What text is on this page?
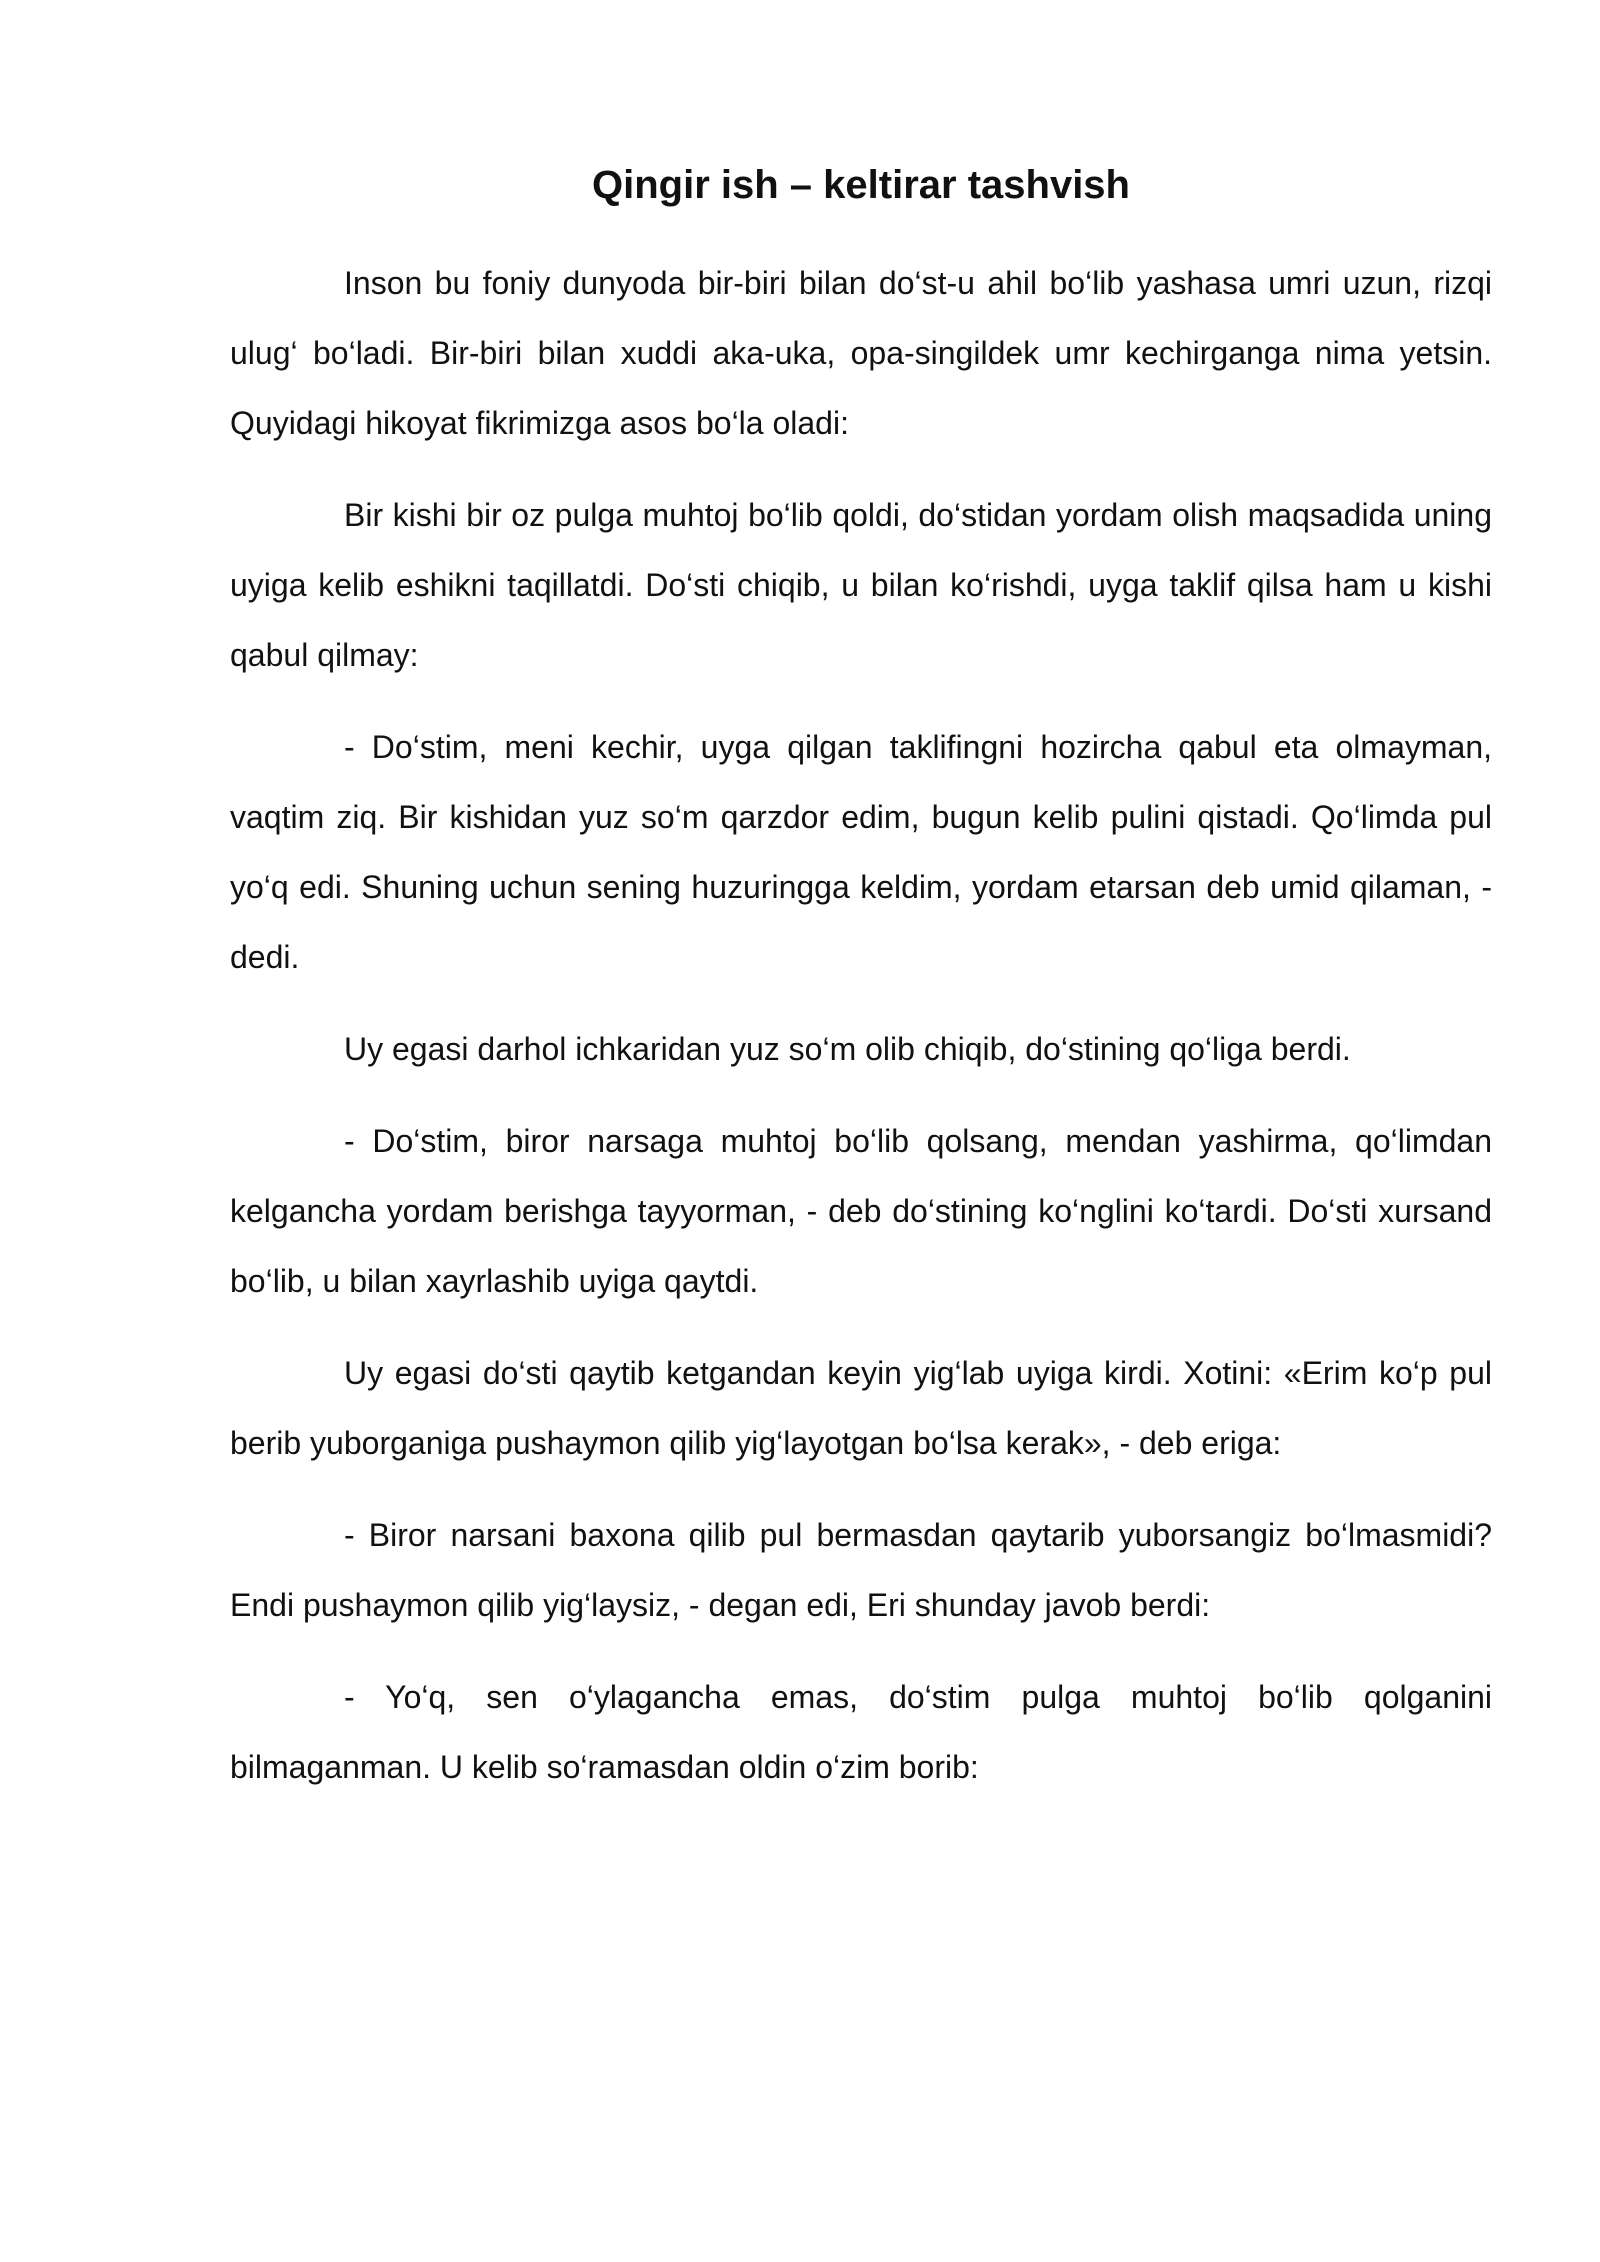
Qingir ish – keltirar tashvish

Inson bu foniy dunyoda bir-biri bilan do‘st-u ahil bo‘lib yashasa umri uzun, rizqi ulug‘ bo‘ladi. Bir-biri bilan xuddi aka-uka, opa-singildek umr kechirganga nima yetsin. Quyidagi hikoyat fikrimizga asos bo‘la oladi:

Bir kishi bir oz pulga muhtoj bo‘lib qoldi, do‘stidan yordam olish maqsadida uning uyiga kelib eshikni taqillatdi. Do‘sti chiqib, u bilan ko‘rishdi, uyga taklif qilsa ham u kishi qabul qilmay:

- Do‘stim, meni kechir, uyga qilgan taklifingni hozircha qabul eta olmayman, vaqtim ziq. Bir kishidan yuz so‘m qarzdor edim, bugun kelib pulini qistadi. Qo‘limda pul yo‘q edi. Shuning uchun sening huzuringga keldim, yordam etarsan deb umid qilaman, - dedi.

Uy egasi darhol ichkaridan yuz so‘m olib chiqib, do‘stining qo‘liga berdi.

- Do‘stim, biror narsaga muhtoj bo‘lib qolsang, mendan yashirma, qo‘limdan kelgancha yordam berishga tayyorman, - deb do‘stining ko‘nglini ko‘tardi. Do‘sti xursand bo‘lib, u bilan xayrlashib uyiga qaytdi.

Uy egasi do‘sti qaytib ketgandan keyin yig‘lab uyiga kirdi. Xotini: «Erim ko‘p pul berib yuborganiga pushaymon qilib yig‘layotgan bo‘lsa kerak», - deb eriga:

- Biror narsani baxona qilib pul bermasdan qaytarib yuborsangiz bo‘lmasmidi? Endi pushaymon qilib yig‘laysiz, - degan edi, Eri shunday javob berdi:

- Yo‘q, sen o‘ylagancha emas, do‘stim pulga muhtoj bo‘lib qolganini bilmaganman. U kelib so‘ramasdan oldin o‘zim borib:
